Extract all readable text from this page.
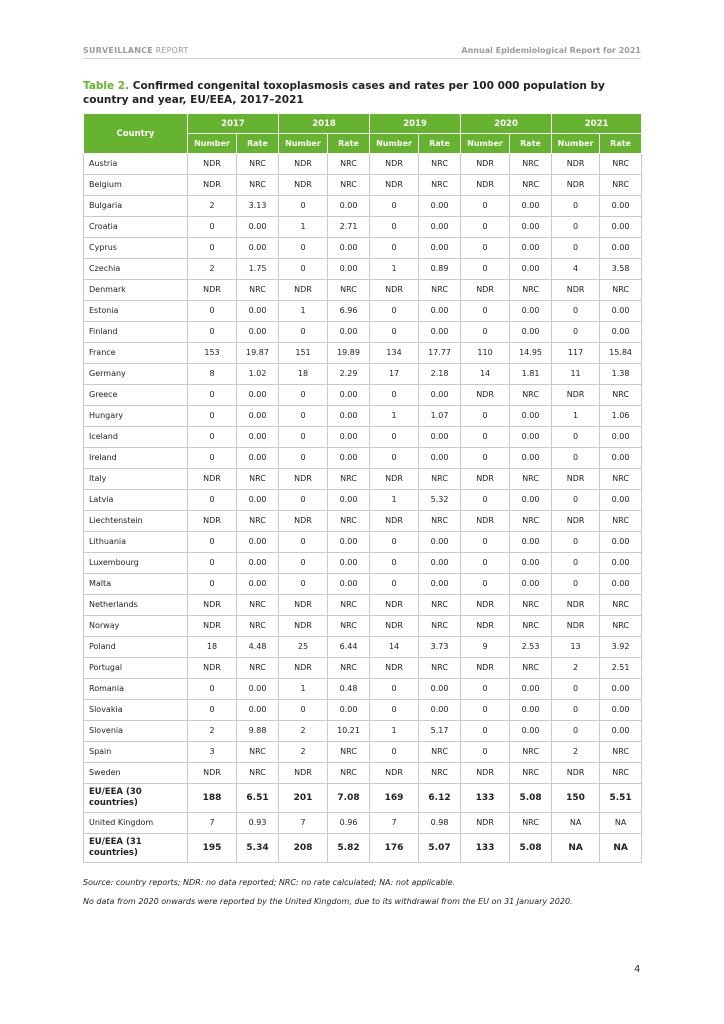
SURVEILLANCE REPORT	Annual Epidemiological Report for 2021
Table 2. Confirmed congenital toxoplasmosis cases and rates per 100 000 population by country and year, EU/EEA, 2017–2021
Country	2017		2018		2019		2020		2021	
	Number	Rate	Number	Rate	Number	Rate	Number	Rate	Number	Rate
Austria	NDR	NRC	NDR	NRC	NDR	NRC	NDR	NRC	NDR	NRC
Belgium	NDR	NRC	NDR	NRC	NDR	NRC	NDR	NRC	NDR	NRC
Bulgaria	2	3.13	0	0.00	0	0.00	0	0.00	0	0.00
Croatia	0	0.00	1	2.71	0	0.00	0	0.00	0	0.00
Cyprus	0	0.00	0	0.00	0	0.00	0	0.00	0	0.00
Czechia	2	1.75	0	0.00	1	0.89	0	0.00	4	3.58
Denmark	NDR	NRC	NDR	NRC	NDR	NRC	NDR	NRC	NDR	NRC
Estonia	0	0.00	1	6.96	0	0.00	0	0.00	0	0.00
Finland	0	0.00	0	0.00	0	0.00	0	0.00	0	0.00
France	153	19.87	151	19.89	134	17.77	110	14.95	117	15.84
Germany	8	1.02	18	2.29	17	2.18	14	1.81	11	1.38
Greece	0	0.00	0	0.00	0	0.00	NDR	NRC	NDR	NRC
Hungary	0	0.00	0	0.00	1	1.07	0	0.00	1	1.06
Iceland	0	0.00	0	0.00	0	0.00	0	0.00	0	0.00
Ireland	0	0.00	0	0.00	0	0.00	0	0.00	0	0.00
Italy	NDR	NRC	NDR	NRC	NDR	NRC	NDR	NRC	NDR	NRC
Latvia	0	0.00	0	0.00	1	5.32	0	0.00	0	0.00
Liechtenstein	NDR	NRC	NDR	NRC	NDR	NRC	NDR	NRC	NDR	NRC
Lithuania	0	0.00	0	0.00	0	0.00	0	0.00	0	0.00
Luxembourg	0	0.00	0	0.00	0	0.00	0	0.00	0	0.00
Malta	0	0.00	0	0.00	0	0.00	0	0.00	0	0.00
Netherlands	NDR	NRC	NDR	NRC	NDR	NRC	NDR	NRC	NDR	NRC
Norway	NDR	NRC	NDR	NRC	NDR	NRC	NDR	NRC	NDR	NRC
Poland	18	4.48	25	6.44	14	3.73	9	2.53	13	3.92
Portugal	NDR	NRC	NDR	NRC	NDR	NRC	NDR	NRC	2	2.51
Romania	0	0.00	1	0.48	0	0.00	0	0.00	0	0.00
Slovakia	0	0.00	0	0.00	0	0.00	0	0.00	0	0.00
Slovenia	2	9.88	2	10.21	1	5.17	0	0.00	0	0.00
Spain	3	NRC	2	NRC	0	NRC	0	NRC	2	NRC
Sweden	NDR	NRC	NDR	NRC	NDR	NRC	NDR	NRC	NDR	NRC
EU/EEA (30 countries)	188	6.51	201	7.08	169	6.12	133	5.08	150	5.51
United Kingdom	7	0.93	7	0.96	7	0.98	NDR	NRC	NA	NA
EU/EEA (31 countries)	195	5.34	208	5.82	176	5.07	133	5.08	NA	NA

Source: country reports; NDR: no data reported; NRC: no rate calculated; NA: not applicable.

No data from 2020 onwards were reported by the United Kingdom, due to its withdrawal from the EU on 31 January 2020.

4
